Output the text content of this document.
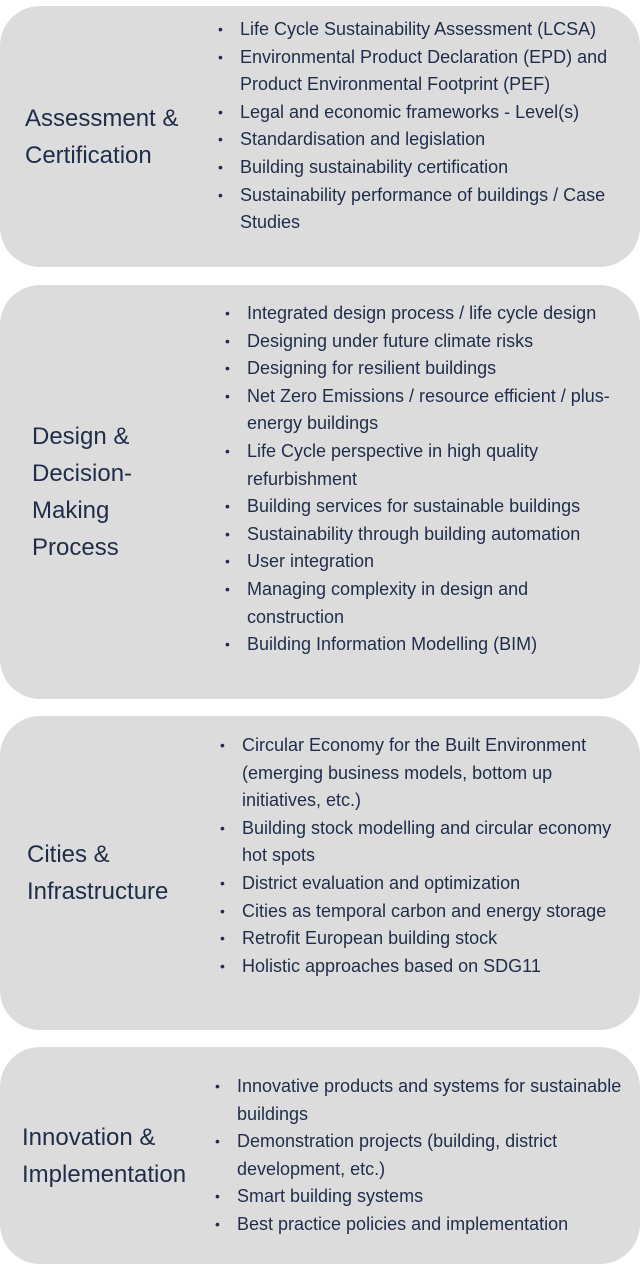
Assessment &
Certification
• Life Cycle Sustainability Assessment (LCSA)
• Environmental Product Declaration (EPD) and Product Environmental Footprint (PEF)
• Legal and economic frameworks - Level(s)
• Standardisation and legislation
• Building sustainability certification
• Sustainability performance of buildings / Case Studies
Design &
Decision-
Making
Process
• Integrated design process / life cycle design
• Designing under future climate risks
• Designing for resilient buildings
• Net Zero Emissions / resource efficient / plus-energy buildings
• Life Cycle perspective in high quality refurbishment
• Building services for sustainable buildings
• Sustainability through building automation
• User integration
• Managing complexity in design and construction
• Building Information Modelling (BIM)
Cities &
Infrastructure
• Circular Economy for the Built Environment (emerging business models, bottom up initiatives, etc.)
• Building stock modelling and circular economy hot spots
• District evaluation and optimization
• Cities as temporal carbon and energy storage
• Retrofit European building stock
• Holistic approaches based on SDG11
Innovation &
Implementation
• Innovative products and systems for sustainable buildings
• Demonstration projects (building, district development, etc.)
• Smart building systems
• Best practice policies and implementation
